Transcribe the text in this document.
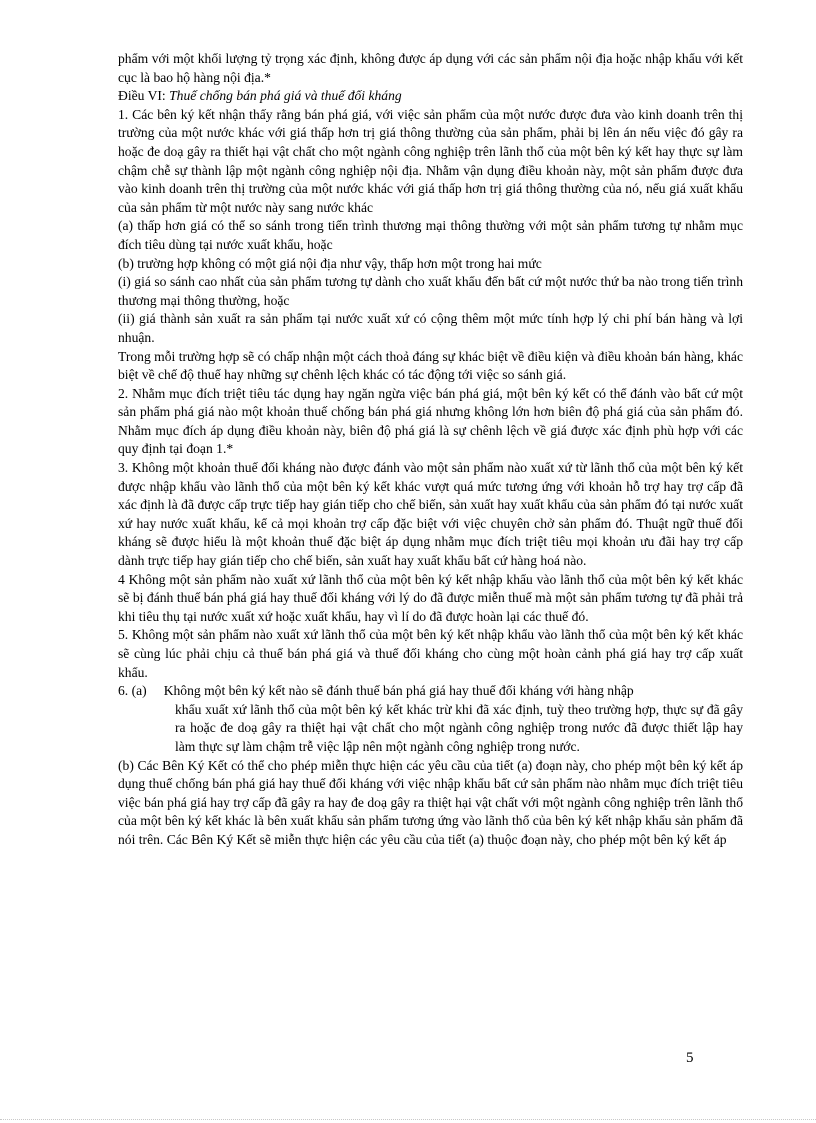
phẩm với một khối lượng tỷ trọng xác định, không được áp dụng với các sản phẩm nội địa hoặc nhập khẩu với kết cục là bao hộ hàng nội địa.*

Điều VI: Thuế chống bán phá giá và thuế đối kháng

1. Các bên ký kết nhận thấy rằng bán phá giá, với việc sản phẩm của một nước được đưa vào kinh doanh trên thị trường của một nước khác với giá thấp hơn trị giá thông thường của sản phẩm, phải bị lên án nếu việc đó gây ra hoặc đe doạ gây ra thiết hại vật chất cho một ngành công nghiệp trên lãnh thổ của một bên ký kết hay thực sự làm chậm chễ sự thành lập một ngành công nghiệp nội địa. Nhằm vận dụng điều khoản này, một sản phẩm được đưa vào kinh doanh trên thị trường của một nước khác với giá thấp hơn trị giá thông thường của nó, nếu giá xuất khẩu của sản phẩm từ một nước này sang nước khác

(a) thấp hơn giá có thể so sánh trong tiến trình thương mại thông thường với một sản phẩm tương tự nhằm mục đích tiêu dùng tại nước xuất khẩu, hoặc

(b) trường hợp không có một giá nội địa như vậy, thấp hơn một trong hai mức

(i) giá so sánh cao nhất của sản phẩm tương tự dành cho xuất khẩu đến bất cứ một nước thứ ba nào trong tiến trình thương mại thông thường, hoặc

(ii) giá thành sản xuất ra sản phẩm tại nước xuất xứ có cộng thêm một mức tính hợp lý chi phí bán hàng và lợi nhuận.

Trong mỗi trường hợp sẽ có chấp nhận một cách thoả đáng sự khác biệt về điều kiện và điều khoản bán hàng, khác biệt về chế độ thuế hay những sự chênh lệch khác có tác động tới việc so sánh giá.

2. Nhằm mục đích triệt tiêu tác dụng hay ngăn ngừa việc bán phá giá, một bên ký kết có thể đánh vào bất cứ một sản phẩm phá giá nào một khoản thuế chống bán phá giá nhưng không lớn hơn biên độ phá giá của sản phẩm đó. Nhằm mục đích áp dụng điều khoản này, biên độ phá giá là sự chênh lệch về giá được xác định phù hợp với các quy định tại đoạn 1.*

3. Không một khoản thuế đối kháng nào được đánh vào một sản phẩm nào xuất xứ từ lãnh thổ của một bên ký kết được nhập khẩu vào lãnh thổ của một bên ký kết khác vượt quá mức tương ứng với khoản hỗ trợ hay trợ cấp đã xác định là đã được cấp trực tiếp hay gián tiếp cho chế biến, sản xuất hay xuất khẩu của sản phẩm đó tại nước xuất xứ hay nước xuất khẩu, kể cả mọi khoản trợ cấp đặc biệt với việc chuyên chở sản phẩm đó. Thuật ngữ thuế đối kháng sẽ được hiểu là một khoản thuế đặc biệt áp dụng nhằm mục đích triệt tiêu mọi khoản ưu đãi hay trợ cấp dành trực tiếp hay gián tiếp cho chế biến, sản xuất hay xuất khẩu bất cứ hàng hoá nào.

4 Không một sản phẩm nào xuất xứ lãnh thổ của một bên ký kết nhập khẩu vào lãnh thổ của một bên ký kết khác sẽ bị đánh thuế bán phá giá hay thuế đối kháng với lý do đã được miễn thuế mà một sản phẩm tương tự đã phải trả khi tiêu thụ tại nước xuất xứ hoặc xuất khẩu, hay vì lí do đã được hoàn lại các thuế đó.

5. Không một sản phẩm nào xuất xứ lãnh thổ của một bên ký kết nhập khẩu vào lãnh thổ của một bên ký kết khác sẽ cùng lúc phải chịu cả thuế bán phá giá và thuế đối kháng cho cùng một hoàn cảnh phá giá hay trợ cấp xuất khẩu.

6. (a) Không một bên ký kết nào sẽ đánh thuế bán phá giá hay thuế đối kháng với hàng nhập

khẩu xuất xứ lãnh thổ của một bên ký kết khác trừ khi đã xác định, tuỳ theo trường hợp, thực sự đã gây ra hoặc đe doạ gây ra thiệt hại vật chất cho một ngành công nghiệp trong nước đã được thiết lập hay làm thực sự làm chậm trễ việc lập nên một ngành công nghiệp trong nước.

(b) Các Bên Ký Kết có thể cho phép miễn thực hiện các yêu cầu của tiết (a) đoạn này, cho phép một bên ký kết áp dụng thuế chống bán phá giá hay thuế đối kháng với việc nhập khẩu bất cứ sản phẩm nào nhằm mục đích triệt tiêu việc bán phá giá hay trợ cấp đã gây ra hay đe doạ gây ra thiệt hại vật chất với một ngành công nghiệp trên lãnh thổ của một bên ký kết khác là bên xuất khẩu sản phẩm tương ứng vào lãnh thổ của bên ký kết nhập khẩu sản phẩm đã nói trên. Các Bên Ký Kết sẽ miễn thực hiện các yêu cầu của tiết (a) thuộc đoạn này, cho phép một bên ký kết áp

5
